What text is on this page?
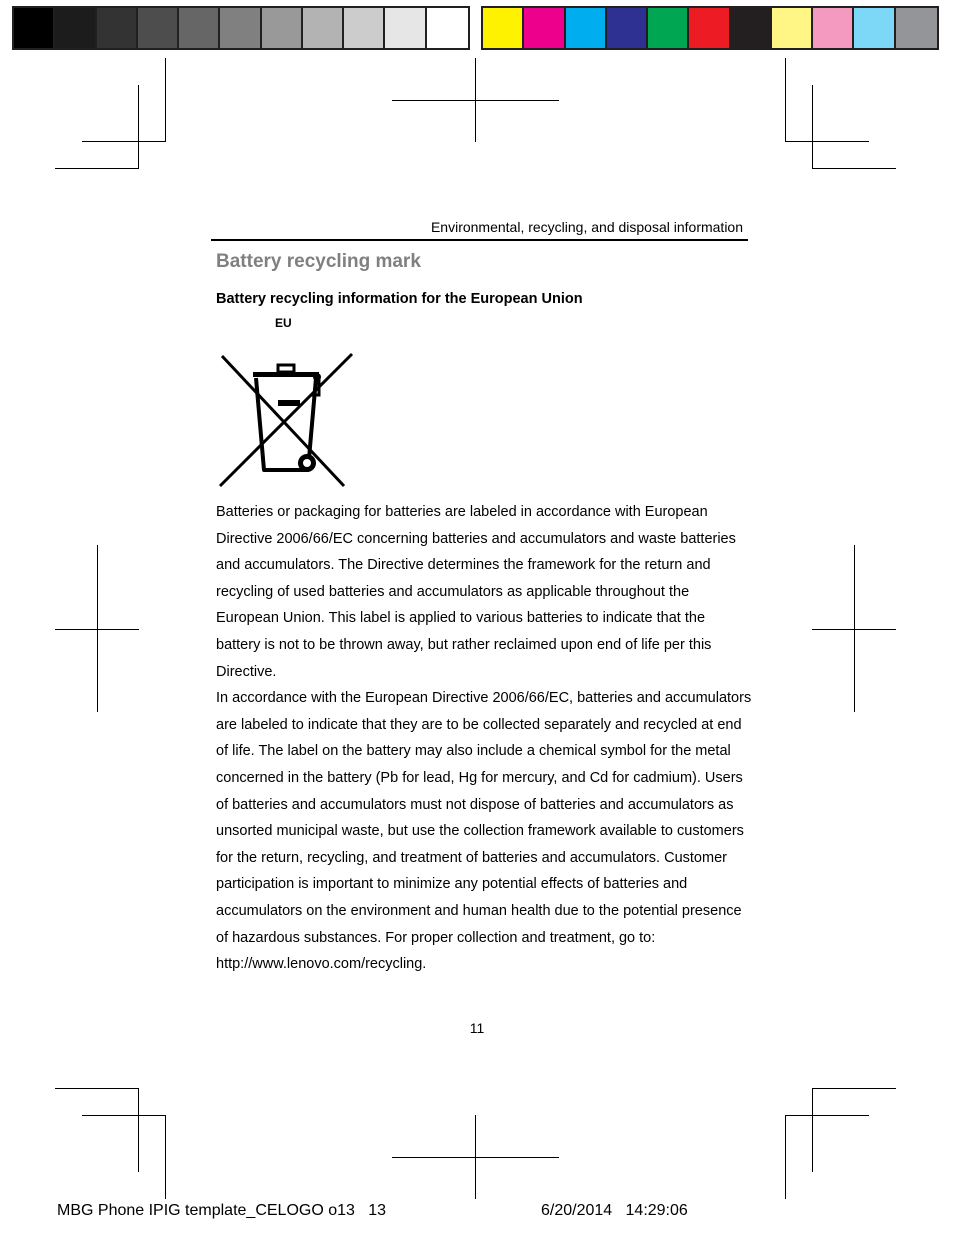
Environmental, recycling, and disposal information
Battery recycling mark
Battery recycling information for the European Union
EU

Batteries or packaging for batteries are labeled in accordance with European Directive 2006/66/EC concerning batteries and accumulators and waste batteries and accumulators. The Directive determines the framework for the return and recycling of used batteries and accumulators as applicable throughout the European Union. This label is applied to various batteries to indicate that the battery is not to be thrown away, but rather reclaimed upon end of life per this Directive.

In accordance with the European Directive 2006/66/EC, batteries and accumulators are labeled to indicate that they are to be collected separately and recycled at end of life. The label on the battery may also include a chemical symbol for the metal concerned in the battery (Pb for lead, Hg for mercury, and Cd for cadmium). Users of batteries and accumulators must not dispose of batteries and accumulators as unsorted municipal waste, but use the collection framework available to customers for the return, recycling, and treatment of batteries and accumulators. Customer participation is important to minimize any potential effects of batteries and accumulators on the environment and human health due to the potential presence of hazardous substances. For proper collection and treatment, go to: http://www.lenovo.com/recycling.

11
MBG Phone IPIG template_CELOGO o13   13	6/20/2014   14:29:06
